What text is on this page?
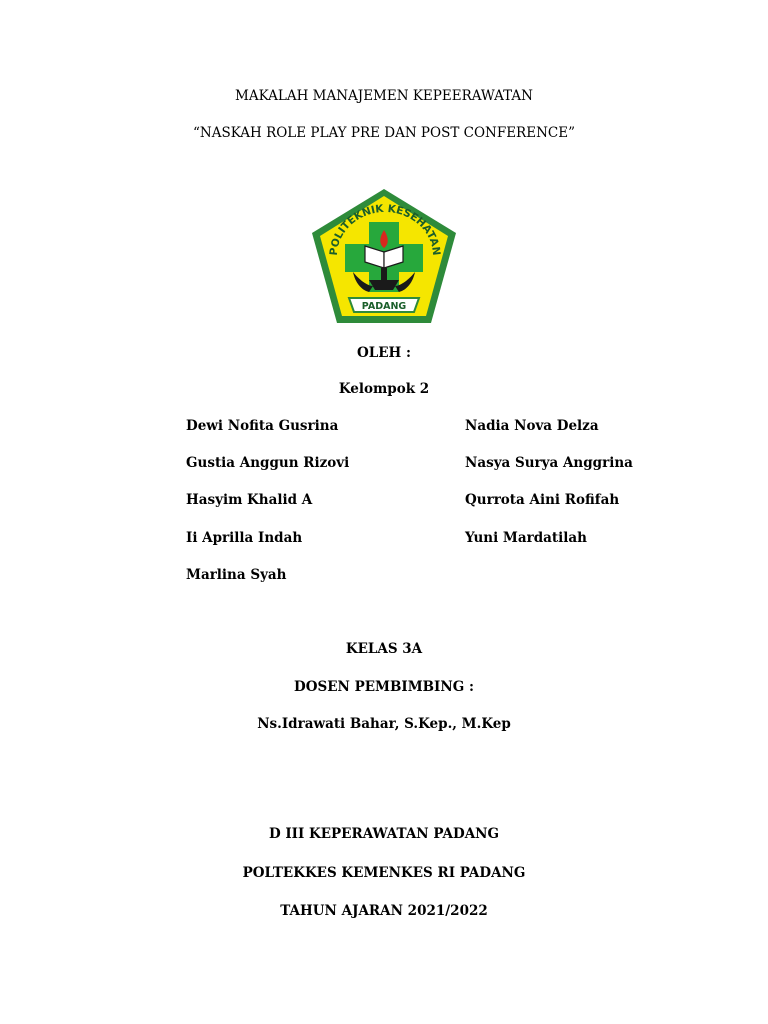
MAKALAH MANAJEMEN KEPEERAWATAN
“NASKAH ROLE PLAY PRE DAN POST CONFERENCE”
POLITEKNIK KESEHATAN
PADANG
OLEH :
Kelompok 2
Dewi Nofita Gusrina
Gustia Anggun Rizovi
Hasyim Khalid A
Ii Aprilla Indah
Marlina Syah
Nadia Nova Delza
Nasya Surya Anggrina
Qurrota Aini Rofifah
Yuni Mardatilah
KELAS 3A
DOSEN PEMBIMBING :
Ns.Idrawati Bahar, S.Kep., M.Kep
D III KEPERAWATAN PADANG
POLTEKKES KEMENKES RI PADANG
TAHUN AJARAN 2021/2022
